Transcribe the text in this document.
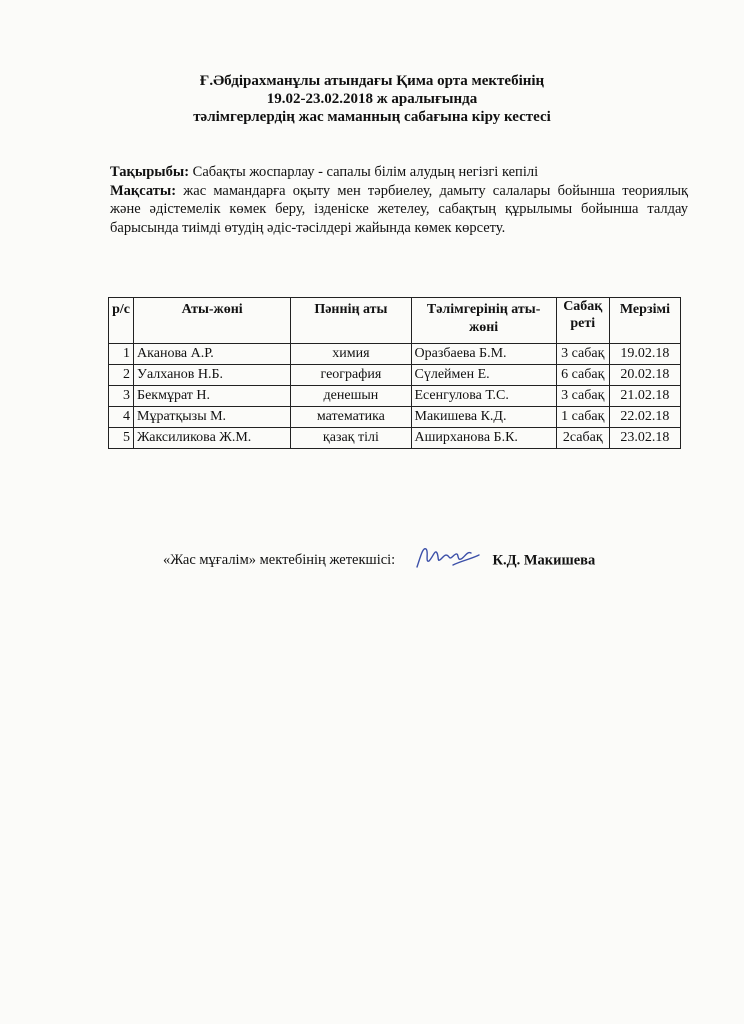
Ғ.Әбдірахманұлы атындағы Қима орта мектебінің
19.02-23.02.2018 ж аралығында
тәлімгерлердің жас маманның сабағына кіру кестесі

Тақырыбы: Сабақты жоспарлау - сапалы білім алудың негізгі кепілі

Мақсаты: жас мамандарға оқыту мен тәрбиелеу, дамыту салалары бойынша теориялық және әдістемелік көмек беру, ізденіске жетелеу, сабақтың құрылымы бойынша талдау барысында тиімді өтудің әдіс-тәсілдері жайында көмек көрсету.

р/с	Аты-жөні	Пәннің аты	Тәлімгерінің аты-жөні	Сабақ реті	Мерзімі
1	Аканова А.Р.	химия	Оразбаева Б.М.	3 сабақ	19.02.18
2	Уалханов Н.Б.	география	Сүлеймен Е.	6 сабақ	20.02.18
3	Бекмұрат Н.	денешын	Есенгулова Т.С.	3 сабақ	21.02.18
4	Мұратқызы М.	математика	Макишева К.Д.	1 сабақ	22.02.18
5	Жаксиликова Ж.М.	қазақ тілі	Аширханова Б.К.	2сабақ	23.02.18
«Жас мұғалім» мектебінің жетекшісі:	К.Д. Макишева
